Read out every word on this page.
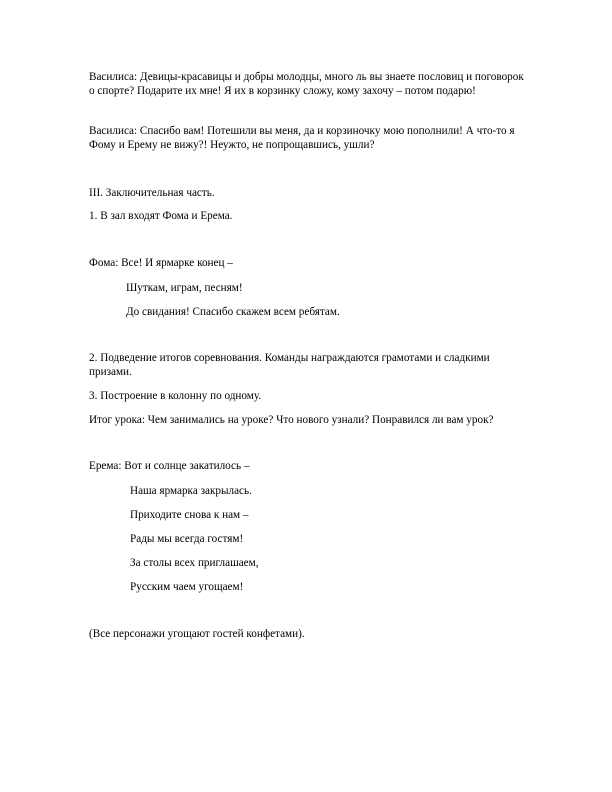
Василиса: Девицы-красавицы и добры молодцы, много ль вы знаете пословиц и поговорок о спорте? Подарите их мне! Я их в корзинку сложу, кому захочу – потом подарю!

Василиса: Спасибо вам! Потешили вы меня, да и корзиночку мою пополнили! А что-то я Фому и Ерему не вижу?! Неужто, не попрощавшись, ушли?

III. Заключительная часть.

1. В зал входят Фома и Ерема.

Фома: Все! И ярмарке конец –

Шуткам, играм, песням!

До свидания! Спасибо скажем всем ребятам.

2. Подведение итогов соревнования. Команды награждаются грамотами и сладкими призами.

3. Построение в колонну по одному.

Итог урока: Чем занимались на уроке? Что нового узнали? Понравился ли вам урок?

Ерема: Вот и солнце закатилось –

Наша ярмарка закрылась.

Приходите снова к нам –

Рады мы всегда гостям!

За столы всех приглашаем,

Русским чаем угощаем!

(Все персонажи угощают гостей конфетами).
